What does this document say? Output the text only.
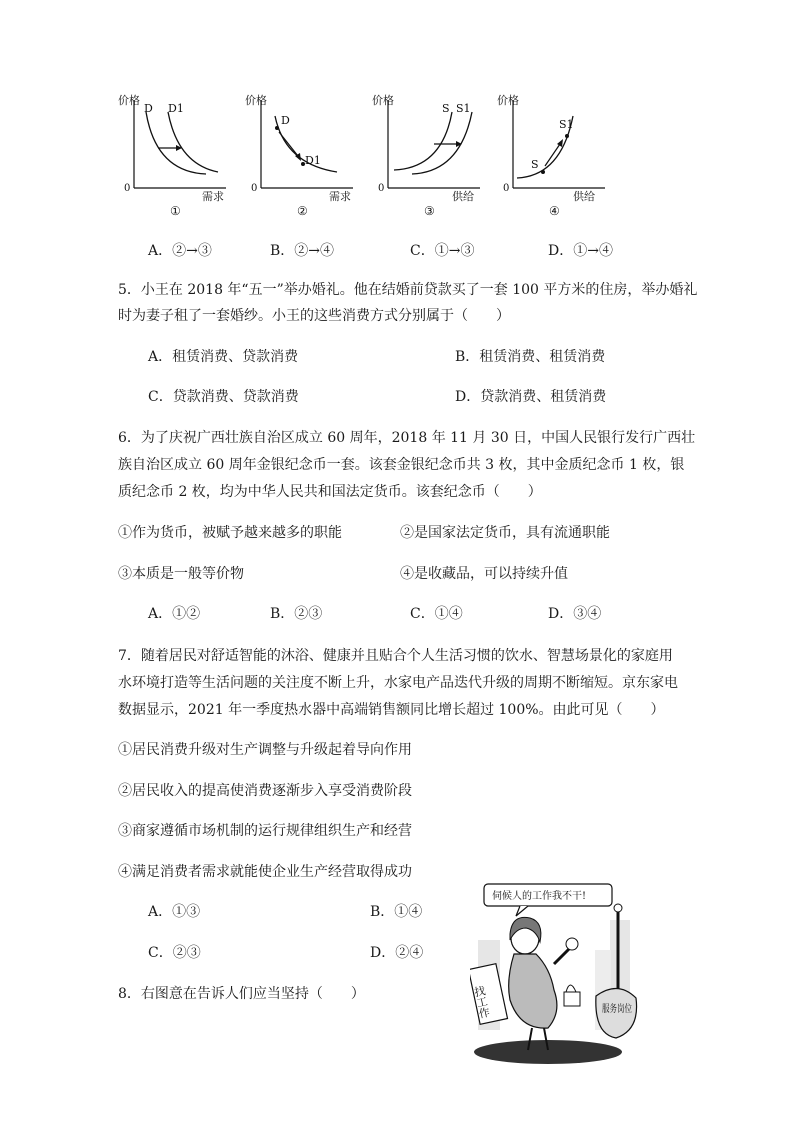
价格
0
D D1
需求
①
价格
0
D
D1
需求
②
价格
0
S S1
供给
③
价格
0
S
S1
供给
④
A．②→③	B．②→④	C．①→③	D．①→④
5．小王在 2018 年“五一”举办婚礼。他在结婚前贷款买了一套 100 平方米的住房，举办婚礼
时为妻子租了一套婚纱。小王的这些消费方式分别属于（　　）
A．租赁消费、贷款消费	B．租赁消费、租赁消费
C．贷款消费、贷款消费	D．贷款消费、租赁消费
6．为了庆祝广西壮族自治区成立 60 周年，2018 年 11 月 30 日，中国人民银行发行广西壮
族自治区成立 60 周年金银纪念币一套。该套金银纪念币共 3 枚，其中金质纪念币 1 枚，银
质纪念币 2 枚，均为中华人民共和国法定货币。该套纪念币（　　）
①作为货币，被赋予越来越多的职能	②是国家法定货币，具有流通职能
③本质是一般等价物	④是收藏品，可以持续升值
A．①②	B．②③	C．①④	D．③④
7．随着居民对舒适智能的沐浴、健康并且贴合个人生活习惯的饮水、智慧场景化的家庭用
水环境打造等生活问题的关注度不断上升，水家电产品迭代升级的周期不断缩短。京东家电
数据显示，2021 年一季度热水器中高端销售额同比增长超过 100%。由此可见（　　）
①居民消费升级对生产调整与升级起着导向作用
②居民收入的提高使消费逐渐步入享受消费阶段
③商家遵循市场机制的运行规律组织生产和经营
④满足消费者需求就能使企业生产经营取得成功
A．①③	B．①④
C．②③	D．②④
8．右图意在告诉人们应当坚持（　　）
伺候人的工作我不干!
找工作	服务岗位
